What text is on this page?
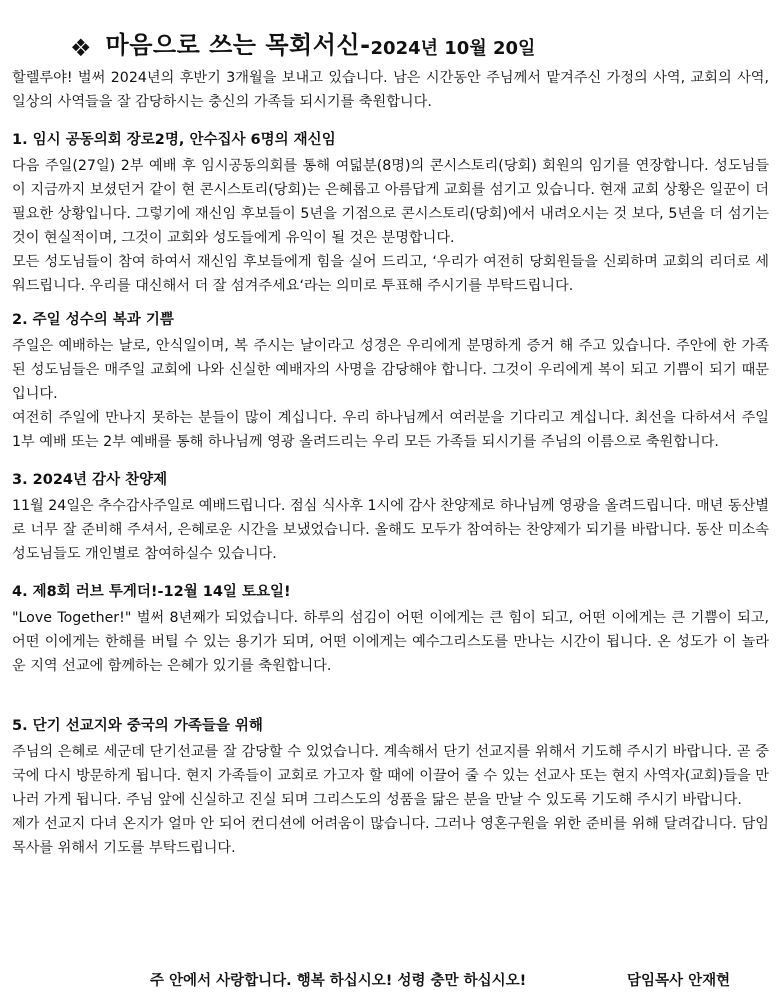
❖ 마음으로 쓰는 목회서신- 2024년 10월 20일

할렐루야! 벌써 2024년의 후반기 3개월을 보내고 있습니다. 남은 시간동안 주님께서 맡겨주신 가정의 사역, 교회의 사역, 일상의 사역들을 잘 감당하시는 충신의 가족들 되시기를 축원합니다.

1. 임시 공동의회 장로2명, 안수집사 6명의 재신임

다음 주일(27일) 2부 예배 후 임시공동의회를 통해 여덟분(8명)의 콘시스토리(당회) 회원의 임기를 연장합니다. 성도님들이 지금까지 보셨던거 같이 현 콘시스토리(당회)는 은혜롭고 아름답게 교회를 섬기고 있습니다. 현재 교회 상황은 일꾼이 더 필요한 상황입니다. 그렇기에 재신임 후보들이 5년을 기점으로 콘시스토리(당회)에서 내려오시는 것 보다, 5년을 더 섬기는 것이 현실적이며, 그것이 교회와 성도들에게 유익이 될 것은 분명합니다.

모든 성도님들이 참여 하여서 재신임 후보들에게 힘을 실어 드리고, ‘우리가 여전히 당회원들을 신뢰하며 교회의 리더로 세워드립니다. 우리를 대신해서 더 잘 섬겨주세요‘라는 의미로 투표해 주시기를 부탁드립니다.

2. 주일 성수의 복과 기쁨

주일은 예배하는 날로, 안식일이며, 복 주시는 날이라고 성경은 우리에게 분명하게 증거 해 주고 있습니다. 주안에 한 가족된 성도님들은 매주일 교회에 나와 신실한 예배자의 사명을 감당해야 합니다. 그것이 우리에게 복이 되고 기쁨이 되기 때문입니다.

여전히 주일에 만나지 못하는 분들이 많이 계십니다. 우리 하나님께서 여러분을 기다리고 계십니다. 최선을 다하셔서 주일 1부 예배 또는 2부 예배를 통해 하나님께 영광 올려드리는 우리 모든 가족들 되시기를 주님의 이름으로 축원합니다.

3. 2024년 감사 찬양제

11월 24일은 추수감사주일로 예배드립니다. 점심 식사후 1시에 감사 찬양제로 하나님께 영광을 올려드립니다. 매년 동산별로 너무 잘 준비해 주셔서, 은혜로운 시간을 보냈었습니다. 올해도 모두가 참여하는 찬양제가 되기를 바랍니다. 동산 미소속 성도님들도 개인별로 참여하실수 있습니다.

4. 제8회 러브 투게더!-12월 14일 토요일!

"Love Together!" 벌써 8년째가 되었습니다. 하루의 섬김이 어떤 이에게는 큰 힘이 되고, 어떤 이에게는 큰 기쁨이 되고, 어떤 이에게는 한해를 버틸 수 있는 용기가 되며, 어떤 이에게는 예수그리스도를 만나는 시간이 됩니다. 온 성도가 이 놀라운 지역 선교에 함께하는 은혜가 있기를 축원합니다.

5. 단기 선교지와 중국의 가족들을 위해

주님의 은혜로 세군데 단기선교를 잘 감당할 수 있었습니다. 계속해서 단기 선교지를 위해서 기도해 주시기 바랍니다. 곧 중국에 다시 방문하게 됩니다. 현지 가족들이 교회로 가고자 할 때에 이끌어 줄 수 있는 선교사 또는 현지 사역자(교회)들을 만나러 가게 됩니다. 주님 앞에 신실하고 진실 되며 그리스도의 성품을 닮은 분을 만날 수 있도록 기도해 주시기 바랍니다.

제가 선교지 다녀 온지가 얼마 안 되어 컨디션에 어려움이 많습니다. 그러나 영혼구원을 위한 준비를 위해 달려갑니다. 담임목사를 위해서 기도를 부탁드립니다.

주 안에서 사랑합니다. 행복 하십시오! 성령 충만 하십시오!	담임목사 안재현
